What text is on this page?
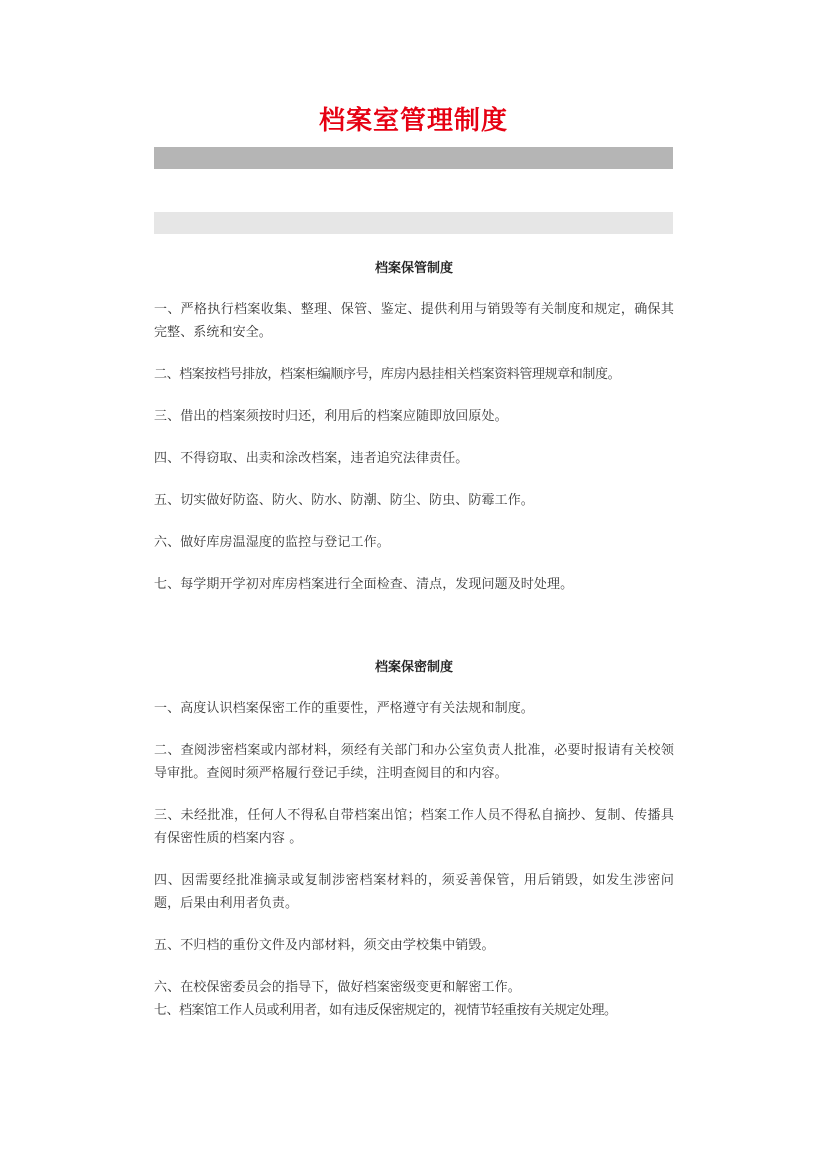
档案室管理制度
档案保管制度

一、严格执行档案收集、整理、保管、鉴定、提供利用与销毁等有关制度和规定，确保其完整、系统和安全。

二、档案按档号排放，档案柜编顺序号，库房内悬挂相关档案资料管理规章和制度。

三、借出的档案须按时归还，利用后的档案应随即放回原处。

四、不得窃取、出卖和涂改档案，违者追究法律责任。

五、切实做好防盗、防火、防水、防潮、防尘、防虫、防霉工作。

六、做好库房温湿度的监控与登记工作。

七、每学期开学初对库房档案进行全面检查、清点，发现问题及时处理。

档案保密制度

一、高度认识档案保密工作的重要性，严格遵守有关法规和制度。

二、查阅涉密档案或内部材料，须经有关部门和办公室负责人批准，必要时报请有关校领导审批。查阅时须严格履行登记手续，注明查阅目的和内容。

三、未经批准，任何人不得私自带档案出馆；档案工作人员不得私自摘抄、复制、传播具有保密性质的档案内容 。

四、因需要经批准摘录或复制涉密档案材料的，须妥善保管，用后销毁，如发生涉密问题，后果由利用者负责。

五、不归档的重份文件及内部材料，须交由学校集中销毁。

六、在校保密委员会的指导下，做好档案密级变更和解密工作。

七、档案馆工作人员或利用者，如有违反保密规定的，视情节轻重按有关规定处理。
